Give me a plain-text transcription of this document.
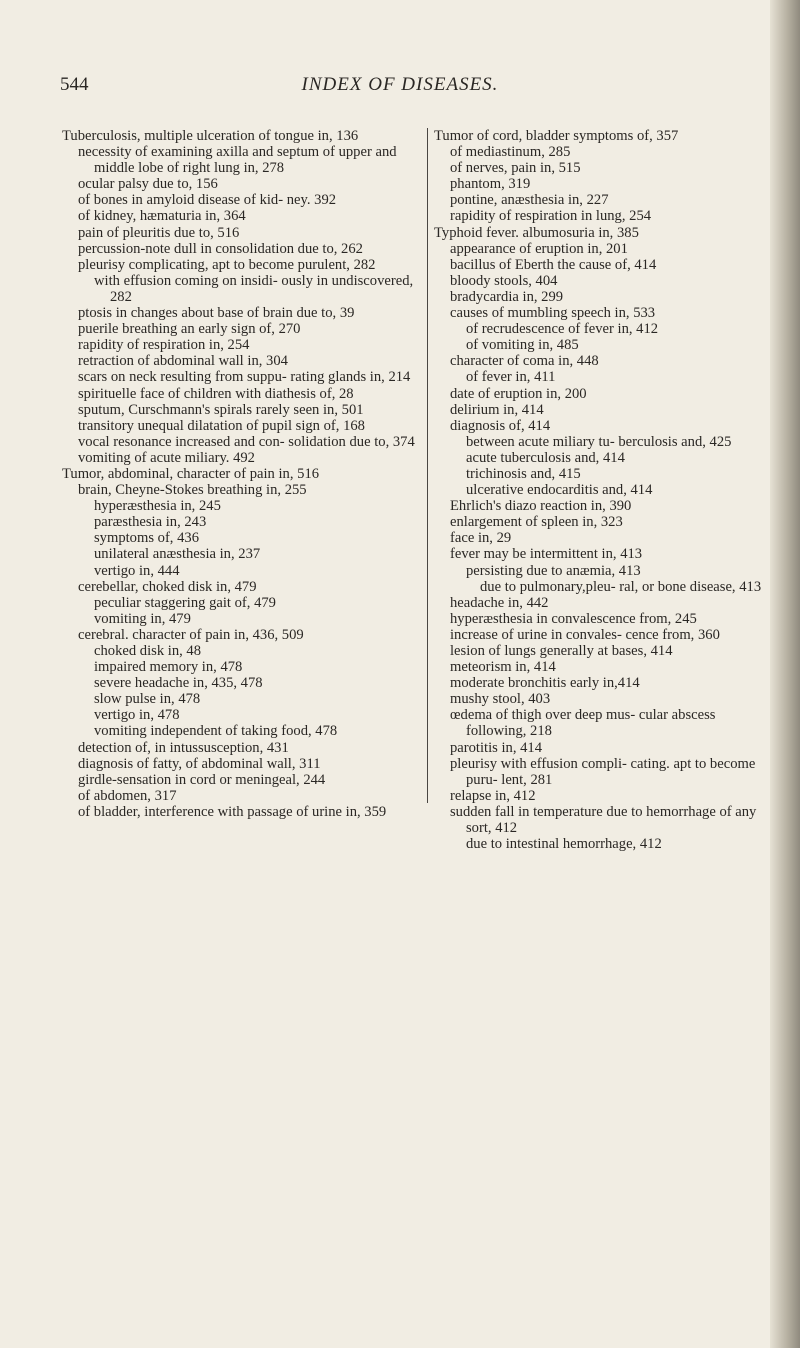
544	INDEX OF DISEASES.
Tuberculosis, multiple ulceration of tongue in, 136
necessity of examining axilla and septum of upper and middle lobe of right lung in, 278
ocular palsy due to, 156
of bones in amyloid disease of kid- ney. 392
of kidney, hæmaturia in, 364
pain of pleuritis due to, 516
percussion-note dull in consolidation due to, 262
pleurisy complicating, apt to become purulent, 282
with effusion coming on insidi- ously in undiscovered, 282
ptosis in changes about base of brain due to, 39
puerile breathing an early sign of, 270
rapidity of respiration in, 254
retraction of abdominal wall in, 304
scars on neck resulting from suppu- rating glands in, 214
spirituelle face of children with diathesis of, 28
sputum, Curschmann's spirals rarely seen in, 501
transitory unequal dilatation of pupil sign of, 168
vocal resonance increased and con- solidation due to, 374
vomiting of acute miliary. 492
Tumor, abdominal, character of pain in, 516
brain, Cheyne-Stokes breathing in, 255
hyperæsthesia in, 245
paræsthesia in, 243
symptoms of, 436
unilateral anæsthesia in, 237
vertigo in, 444
cerebellar, choked disk in, 479
peculiar staggering gait of, 479
vomiting in, 479
cerebral. character of pain in, 436, 509
choked disk in, 48
impaired memory in, 478
severe headache in, 435, 478
slow pulse in, 478
vertigo in, 478
vomiting independent of taking food, 478
detection of, in intussusception, 431
diagnosis of fatty, of abdominal wall, 311
girdle-sensation in cord or meningeal, 244
of abdomen, 317
of bladder, interference with passage of urine in, 359
Tumor of cord, bladder symptoms of, 357
of mediastinum, 285
of nerves, pain in, 515
phantom, 319
pontine, anæsthesia in, 227
rapidity of respiration in lung, 254
Typhoid fever. albumosuria in, 385
appearance of eruption in, 201
bacillus of Eberth the cause of, 414
bloody stools, 404
bradycardia in, 299
causes of mumbling speech in, 533
of recrudescence of fever in, 412
of vomiting in, 485
character of coma in, 448
of fever in, 411
date of eruption in, 200
delirium in, 414
diagnosis of, 414
between acute miliary tu- berculosis and, 425
acute tuberculosis and, 414
trichinosis and, 415
ulcerative endocarditis and, 414
Ehrlich's diazo reaction in, 390
enlargement of spleen in, 323
face in, 29
fever may be intermittent in, 413
persisting due to anæmia, 413
due to pulmonary,pleu- ral, or bone disease, 413
headache in, 442
hyperæsthesia in convalescence from, 245
increase of urine in convales- cence from, 360
lesion of lungs generally at bases, 414
meteorism in, 414
moderate bronchitis early in,414
mushy stool, 403
œdema of thigh over deep mus- cular abscess following, 218
parotitis in, 414
pleurisy with effusion compli- cating. apt to become puru- lent, 281
relapse in, 412
sudden fall in temperature due to hemorrhage of any sort, 412
due to intestinal hemorrhage, 412
